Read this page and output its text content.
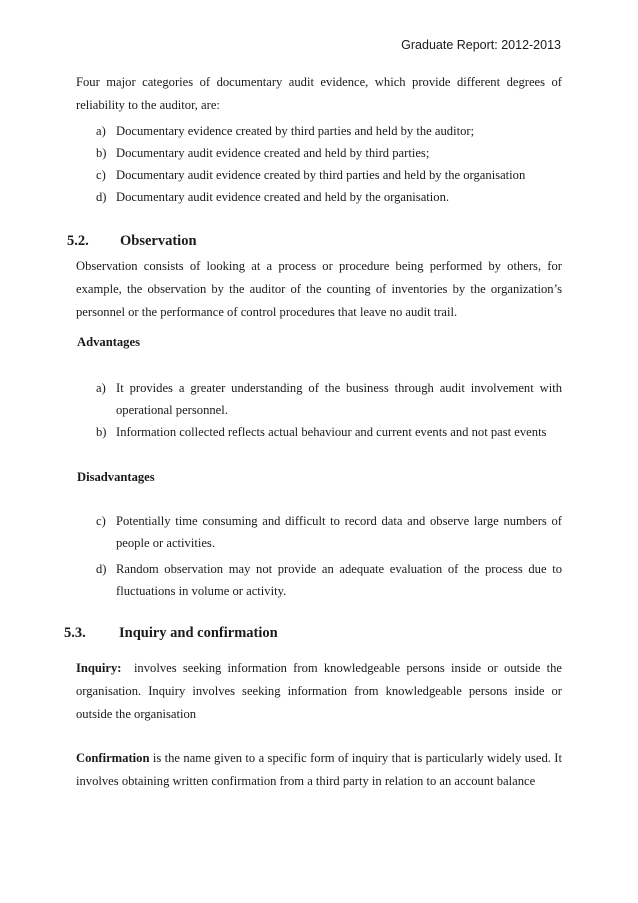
Graduate Report: 2012-2013
Four major categories of documentary audit evidence, which provide different degrees of reliability to the auditor, are:
a) Documentary evidence created by third parties and held by the auditor;
b) Documentary audit evidence created and held by third parties;
c) Documentary audit evidence created by third parties and held by the organisation
d) Documentary audit evidence created and held by the organisation.
5.2. Observation
Observation consists of looking at a process or procedure being performed by others, for example, the observation by the auditor of the counting of inventories by the organization’s personnel or the performance of control procedures that leave no audit trail.
Advantages
a) It provides a greater understanding of the business through audit involvement with operational personnel.
b) Information collected reflects actual behaviour and current events and not past events
Disadvantages
c) Potentially time consuming and difficult to record data and observe large numbers of people or activities.
d) Random observation may not provide an adequate evaluation of the process due to fluctuations in volume or activity.
5.3. Inquiry and confirmation
Inquiry: involves seeking information from knowledgeable persons inside or outside the organisation. Inquiry involves seeking information from knowledgeable persons inside or outside the organisation
Confirmation is the name given to a specific form of inquiry that is particularly widely used. It involves obtaining written confirmation from a third party in relation to an account balance
